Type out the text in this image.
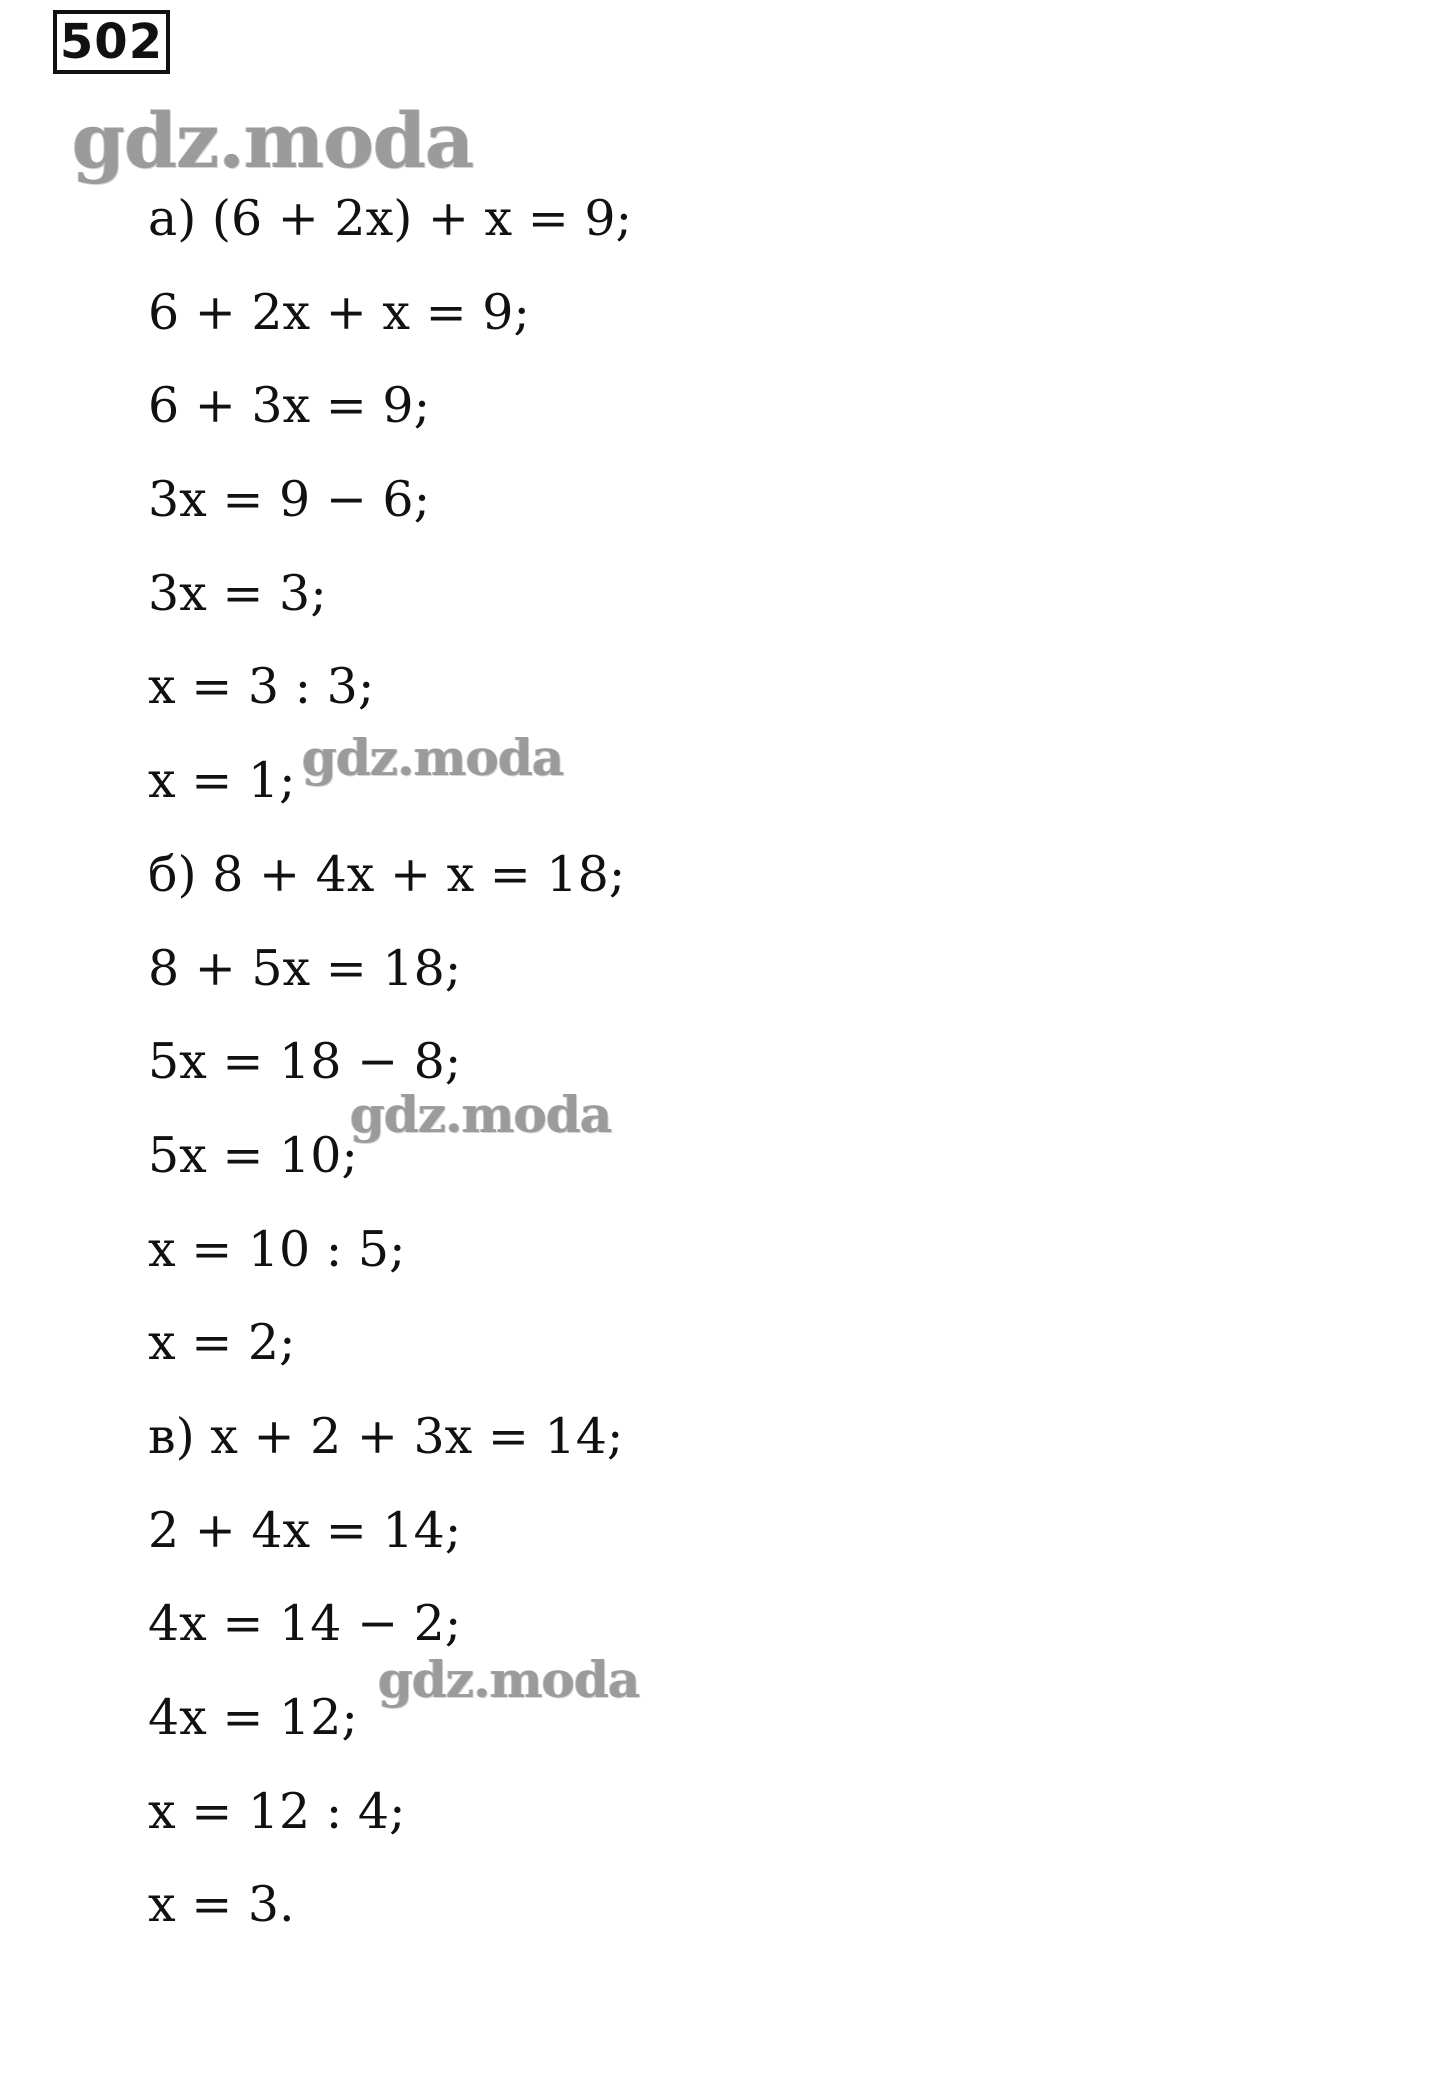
502
gdz.moda
gdz.moda
gdz.moda
gdz.moda
а) (6 + 2x) + x = 9;
6 + 2x + x = 9;
6 + 3x = 9;
3x = 9 − 6;
3x = 3;
x = 3 : 3;
x = 1;
б) 8 + 4x + x = 18;
8 + 5x = 18;
5x = 18 − 8;
5x = 10;
x = 10 : 5;
x = 2;
в) x + 2 + 3x = 14;
2 + 4x = 14;
4x = 14 − 2;
4x = 12;
x = 12 : 4;
x = 3.
